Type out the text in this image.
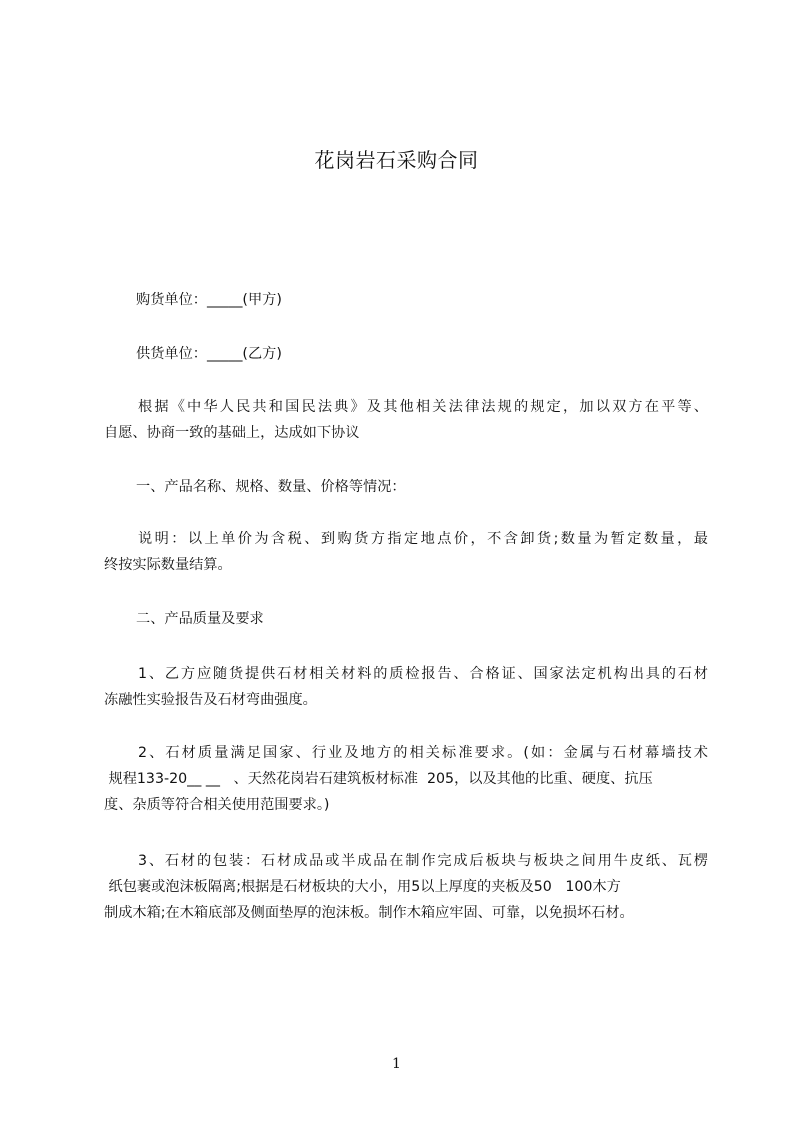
花岗岩石采购合同
购货单位：_____(甲方)
供货单位：_____(乙方)
根据《中华人民共和国民法典》及其他相关法律法规的规定，加以双方在平等、
自愿、协商一致的基础上，达成如下协议
一、产品名称、规格、数量、价格等情况：
说明：以上单价为含税、到购货方指定地点价，不含卸货;数量为暂定数量，最
终按实际数量结算。
二、产品质量及要求
1、乙方应随货提供石材相关材料的质检报告、合格证、国家法定机构出具的石材
冻融性实验报告及石材弯曲强度。
2、石材质量满足国家、行业及地方的相关标准要求。(如：金属与石材幕墙技术
规程133-20__ __   、天然花岗岩石建筑板材标准  205，以及其他的比重、硬度、抗压
度、杂质等符合相关使用范围要求。)
3、石材的包装：石材成品或半成品在制作完成后板块与板块之间用牛皮纸、瓦楞
纸包裹或泡沫板隔离;根据是石材板块的大小，用5以上厚度的夹板及50   100木方
制成木箱;在木箱底部及侧面垫厚的泡沫板。制作木箱应牢固、可靠，以免损坏石材。
1
